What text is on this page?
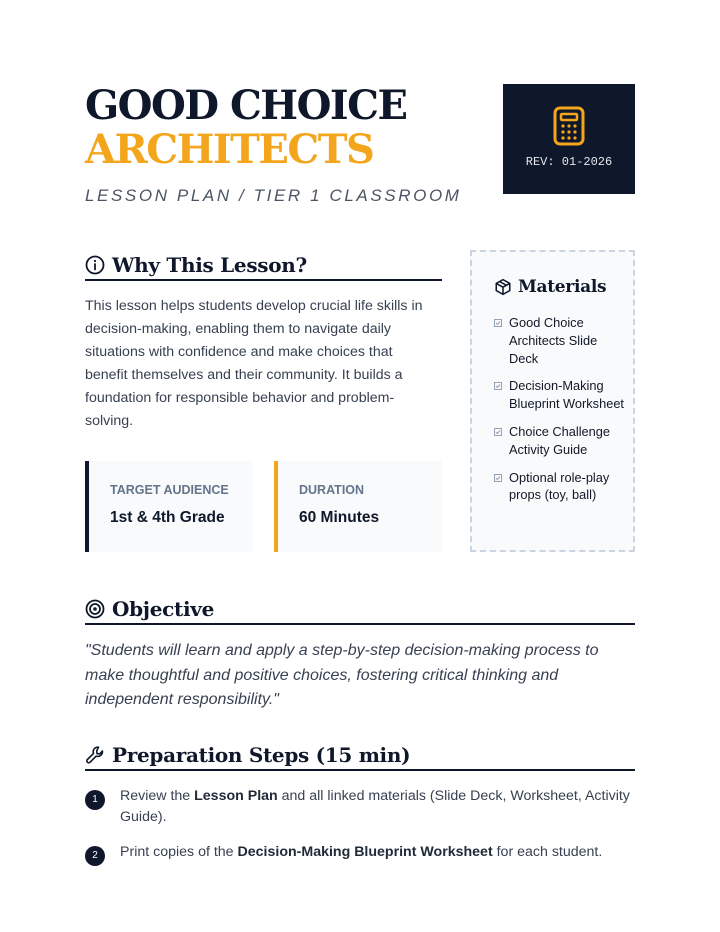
GOOD CHOICE
ARCHITECTS
LESSON PLAN / TIER 1 CLASSROOM
REV: 01-2026
Why This Lesson?

This lesson helps students develop crucial life skills in decision-making, enabling them to navigate daily situations with confidence and make choices that benefit themselves and their community. It builds a foundation for responsible behavior and problem-solving.

TARGET AUDIENCE
1st & 4th Grade
DURATION
60 Minutes
Materials
Good Choice Architects Slide Deck
Decision-Making Blueprint Worksheet
Choice Challenge Activity Guide
Optional role-play props (toy, ball)
Objective

"Students will learn and apply a step-by-step decision-making process to make thoughtful and positive choices, fostering critical thinking and independent responsibility."

Preparation Steps (15 min)
1	Review the Lesson Plan and all linked materials (Slide Deck, Worksheet, Activity Guide).
2	Print copies of the Decision-Making Blueprint Worksheet for each student.
